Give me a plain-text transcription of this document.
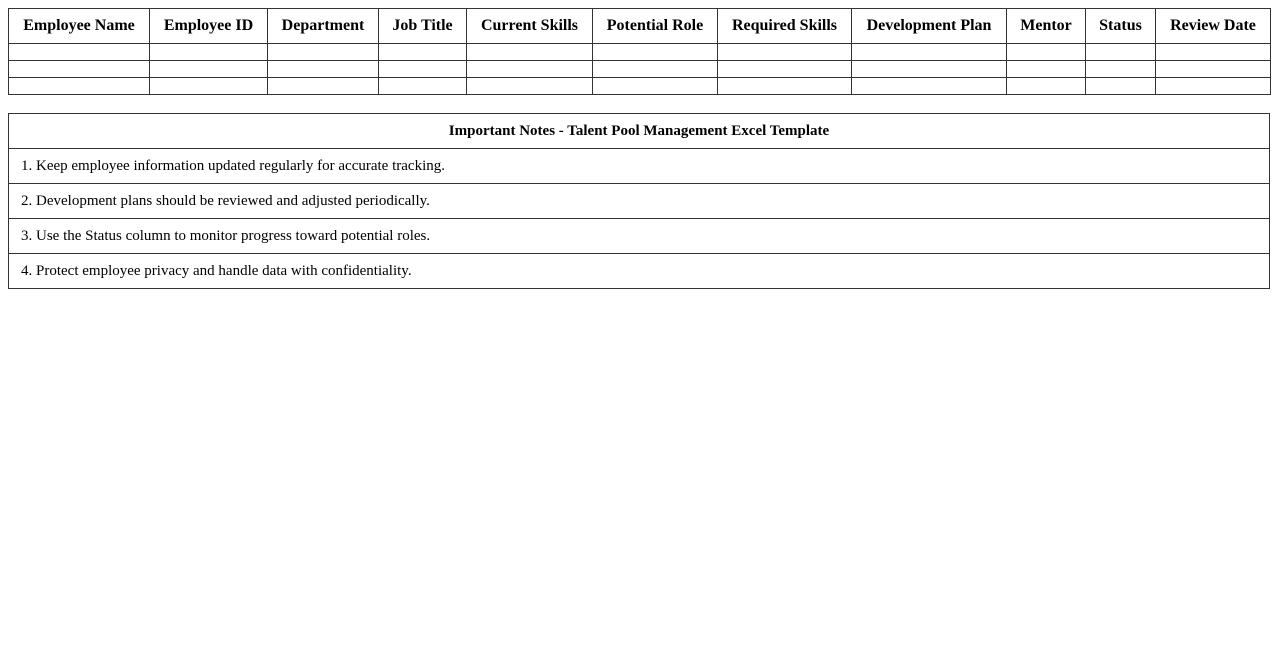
Employee Name	Employee ID	Department	Job Title	Current Skills	Potential Role	Required Skills	Development Plan	Mentor	Status	Review Date

Important Notes - Talent Pool Management Excel Template
1. Keep employee information updated regularly for accurate tracking.
2. Development plans should be reviewed and adjusted periodically.
3. Use the Status column to monitor progress toward potential roles.
4. Protect employee privacy and handle data with confidentiality.
